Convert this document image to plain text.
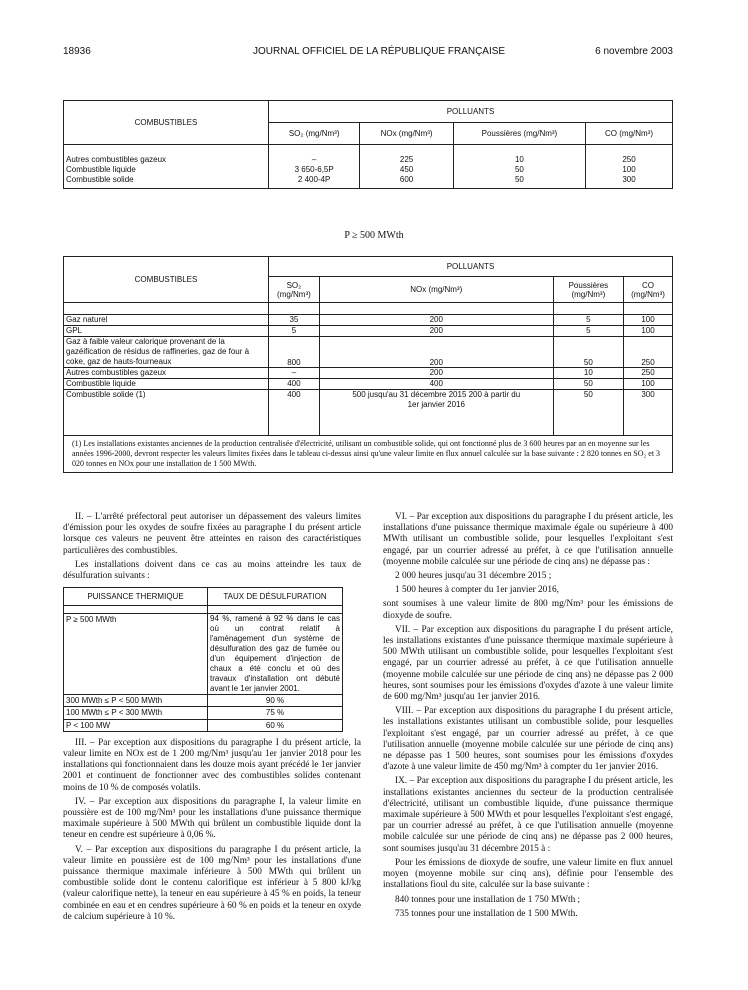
18936	JOURNAL OFFICIEL DE LA RÉPUBLIQUE FRANÇAISE	6 novembre 2003
COMBUSTIBLES	POLLUANTS			
	SO₂ (mg/Nm³)	NOx (mg/Nm³)	Poussières (mg/Nm³)	CO (mg/Nm³)

Autres combustibles gazeux	–	225	10	250
Combustible liquide	3 650-6,5P	450	50	100
Combustible solide	2 400-4P	600	50	300
P ≥ 500 MWth
COMBUSTIBLES	POLLUANTS			
	SO₂ (mg/Nm³)	NOx (mg/Nm³)	Poussières (mg/Nm³)	CO (mg/Nm³)

Gaz naturel	35	200	5	100
GPL	5	200	5	100
Gaz à faible valeur calorique provenant de la gazéification de résidus de raffineries, gaz de four à coke, gaz de hauts-fourneaux	800	200	50	250
Autres combustibles gazeux	–	200	10	250
Combustible liquide	400	400	50	100
Combustible solide (1)	400	500 jusqu'au 31 décembre 2015 200 à partir du 1er janvier 2016	50	300
(1) Les installations existantes anciennes de la production centralisée d'électricité, utilisant un combustible solide, qui ont fonctionné plus de 3 600 heures par an en moyenne sur les années 1996-2000, devront respecter les valeurs limites fixées dans le tableau ci-dessus ainsi qu'une valeur limite en flux annuel calculée sur la base suivante : 2 820 tonnes en SO₂ et 3 020 tonnes en NOx pour une installation de 1 500 MWth.

II. – L'arrêté préfectoral peut autoriser un dépassement des valeurs limites d'émission pour les oxydes de soufre fixées au paragraphe I du présent article lorsque ces valeurs ne peuvent être atteintes en raison des caractéristiques particulières des combustibles.

Les installations doivent dans ce cas au moins atteindre les taux de désulfuration suivants :

PUISSANCE THERMIQUE	TAUX DE DÉSULFURATION

P ≥ 500 MWth	94 %, ramené à 92 % dans le cas où un contrat relatif à l'aménagement d'un système de désulfuration des gaz de fumée ou d'un équipement d'injection de chaux a été conclu et où des travaux d'installation ont débuté avant le 1er janvier 2001.
300 MWth ≤ P < 500 MWth	90 %
100 MWth ≤ P < 300 MWth	75 %
P < 100 MW	60 %

III. – Par exception aux dispositions du paragraphe I du présent article, la valeur limite en NOx est de 1 200 mg/Nm³ jusqu'au 1er janvier 2018 pour les installations qui fonctionnaient dans les douze mois ayant précédé le 1er janvier 2001 et continuent de fonctionner avec des combustibles solides contenant moins de 10 % de composés volatils.

IV. – Par exception aux dispositions du paragraphe I, la valeur limite en poussière est de 100 mg/Nm³ pour les installations d'une puissance thermique maximale supérieure à 500 MWth qui brûlent un combustible liquide dont la teneur en cendre est supérieure à 0,06 %.

V. – Par exception aux dispositions du paragraphe I du présent article, la valeur limite en poussière est de 100 mg/Nm³ pour les installations d'une puissance thermique maximale inférieure à 500 MWth qui brûlent un combustible solide dont le contenu calorifique est inférieur à 5 800 kJ/kg (valeur calorifique nette), la teneur en eau supérieure à 45 % en poids, la teneur combinée en eau et en cendres supérieure à 60 % en poids et la teneur en oxyde de calcium supérieure à 10 %.

VI. – Par exception aux dispositions du paragraphe I du présent article, les installations d'une puissance thermique maximale égale ou supérieure à 400 MWth utilisant un combustible solide, pour lesquelles l'exploitant s'est engagé, par un courrier adressé au préfet, à ce que l'utilisation annuelle (moyenne mobile calculée sur une période de cinq ans) ne dépasse pas :

2 000 heures jusqu'au 31 décembre 2015 ;

1 500 heures à compter du 1er janvier 2016,

sont soumises à une valeur limite de 800 mg/Nm³ pour les émissions de dioxyde de soufre.

VII. – Par exception aux dispositions du paragraphe I du présent article, les installations existantes d'une puissance thermique maximale supérieure à 500 MWth utilisant un combustible solide, pour lesquelles l'exploitant s'est engagé, par un courrier adressé au préfet, à ce que l'utilisation annuelle (moyenne mobile calculée sur une période de cinq ans) ne dépasse pas 2 000 heures, sont soumises pour les émissions d'oxydes d'azote à une valeur limite de 600 mg/Nm³ jusqu'au 1er janvier 2016.

VIII. – Par exception aux dispositions du paragraphe I du présent article, les installations existantes utilisant un combustible solide, pour lesquelles l'exploitant s'est engagé, par un courrier adressé au préfet, à ce que l'utilisation annuelle (moyenne mobile calculée sur une période de cinq ans) ne dépasse pas 1 500 heures, sont soumises pour les émissions d'oxydes d'azote à une valeur limite de 450 mg/Nm³ à compter du 1er janvier 2016.

IX. – Par exception aux dispositions du paragraphe I du présent article, les installations existantes anciennes du secteur de la production centralisée d'électricité, utilisant un combustible liquide, d'une puissance thermique maximale supérieure à 500 MWth et pour lesquelles l'exploitant s'est engagé, par un courrier adressé au préfet, à ce que l'utilisation annuelle (moyenne mobile calculée sur une période de cinq ans) ne dépasse pas 2 000 heures, sont soumises jusqu'au 31 décembre 2015 à :

Pour les émissions de dioxyde de soufre, une valeur limite en flux annuel moyen (moyenne mobile sur cinq ans), définie pour l'ensemble des installations fioul du site, calculée sur la base suivante :

840 tonnes pour une installation de 1 750 MWth ;

735 tonnes pour une installation de 1 500 MWth.
